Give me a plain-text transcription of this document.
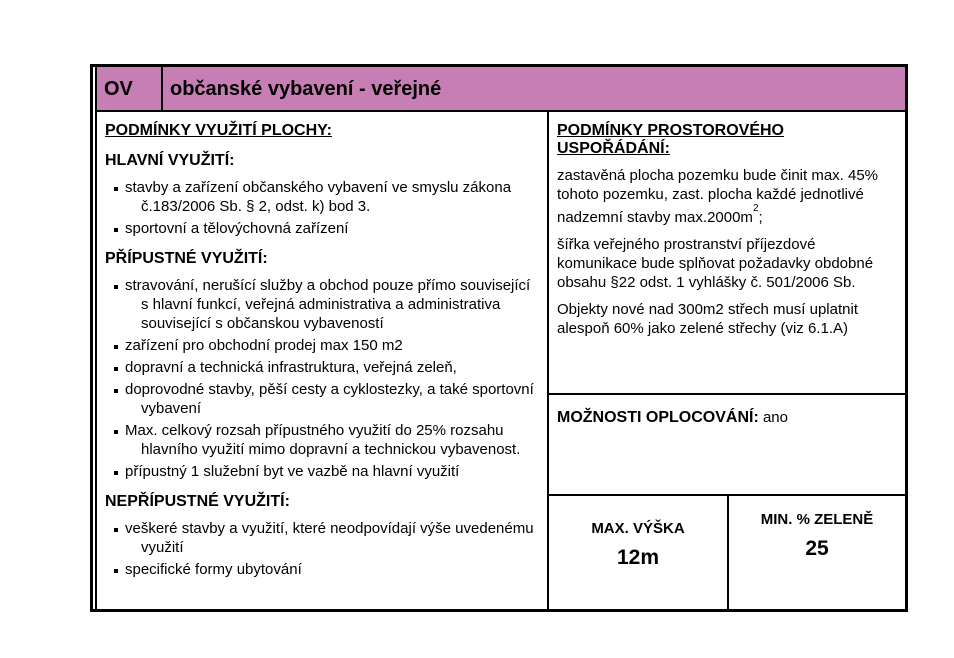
OV	občanské vybavení - veřejné
PODMÍNKY VYUŽITÍ PLOCHY:
HLAVNÍ VYUŽITÍ:
stavby a zařízení občanského vybavení ve smyslu zákona č.183/2006 Sb. § 2, odst. k) bod 3.
sportovní a tělovýchovná zařízení
PŘÍPUSTNÉ VYUŽITÍ:
stravování, nerušící služby a obchod pouze přímo související s hlavní funkcí, veřejná administrativa a administrativa související s občanskou vybaveností
zařízení pro obchodní prodej max 150 m2
dopravní a technická infrastruktura, veřejná zeleň,
doprovodné stavby, pěší cesty a cyklostezky, a také sportovní vybavení
Max. celkový rozsah přípustného využití do 25% rozsahu hlavního využití mimo dopravní a technickou vybavenost.
přípustný 1 služební byt ve vazbě na hlavní využití
NEPŘÍPUSTNÉ VYUŽITÍ:
veškeré stavby a využití, které neodpovídají výše uvedenému využití
specifické formy ubytování
PODMÍNKY PROSTOROVÉHO USPOŘÁDÁNÍ:

zastavěná plocha pozemku bude činit max. 45% tohoto pozemku, zast. plocha každé jednotlivé nadzemní stavby $\max.2000m^2$;

šířka veřejného prostranství příjezdové komunikace bude splňovat požadavky obdobné obsahu §22 odst. 1 vyhlášky č. 501/2006 Sb.

Objekty nové nad 300m2 střech musí uplatnit alespoň 60% jako zelené střechy (viz 6.1.A)

MOŽNOSTI OPLOCOVÁNÍ: ano
MAX. VÝŠKA
12m
MIN. % ZELENĚ
25
